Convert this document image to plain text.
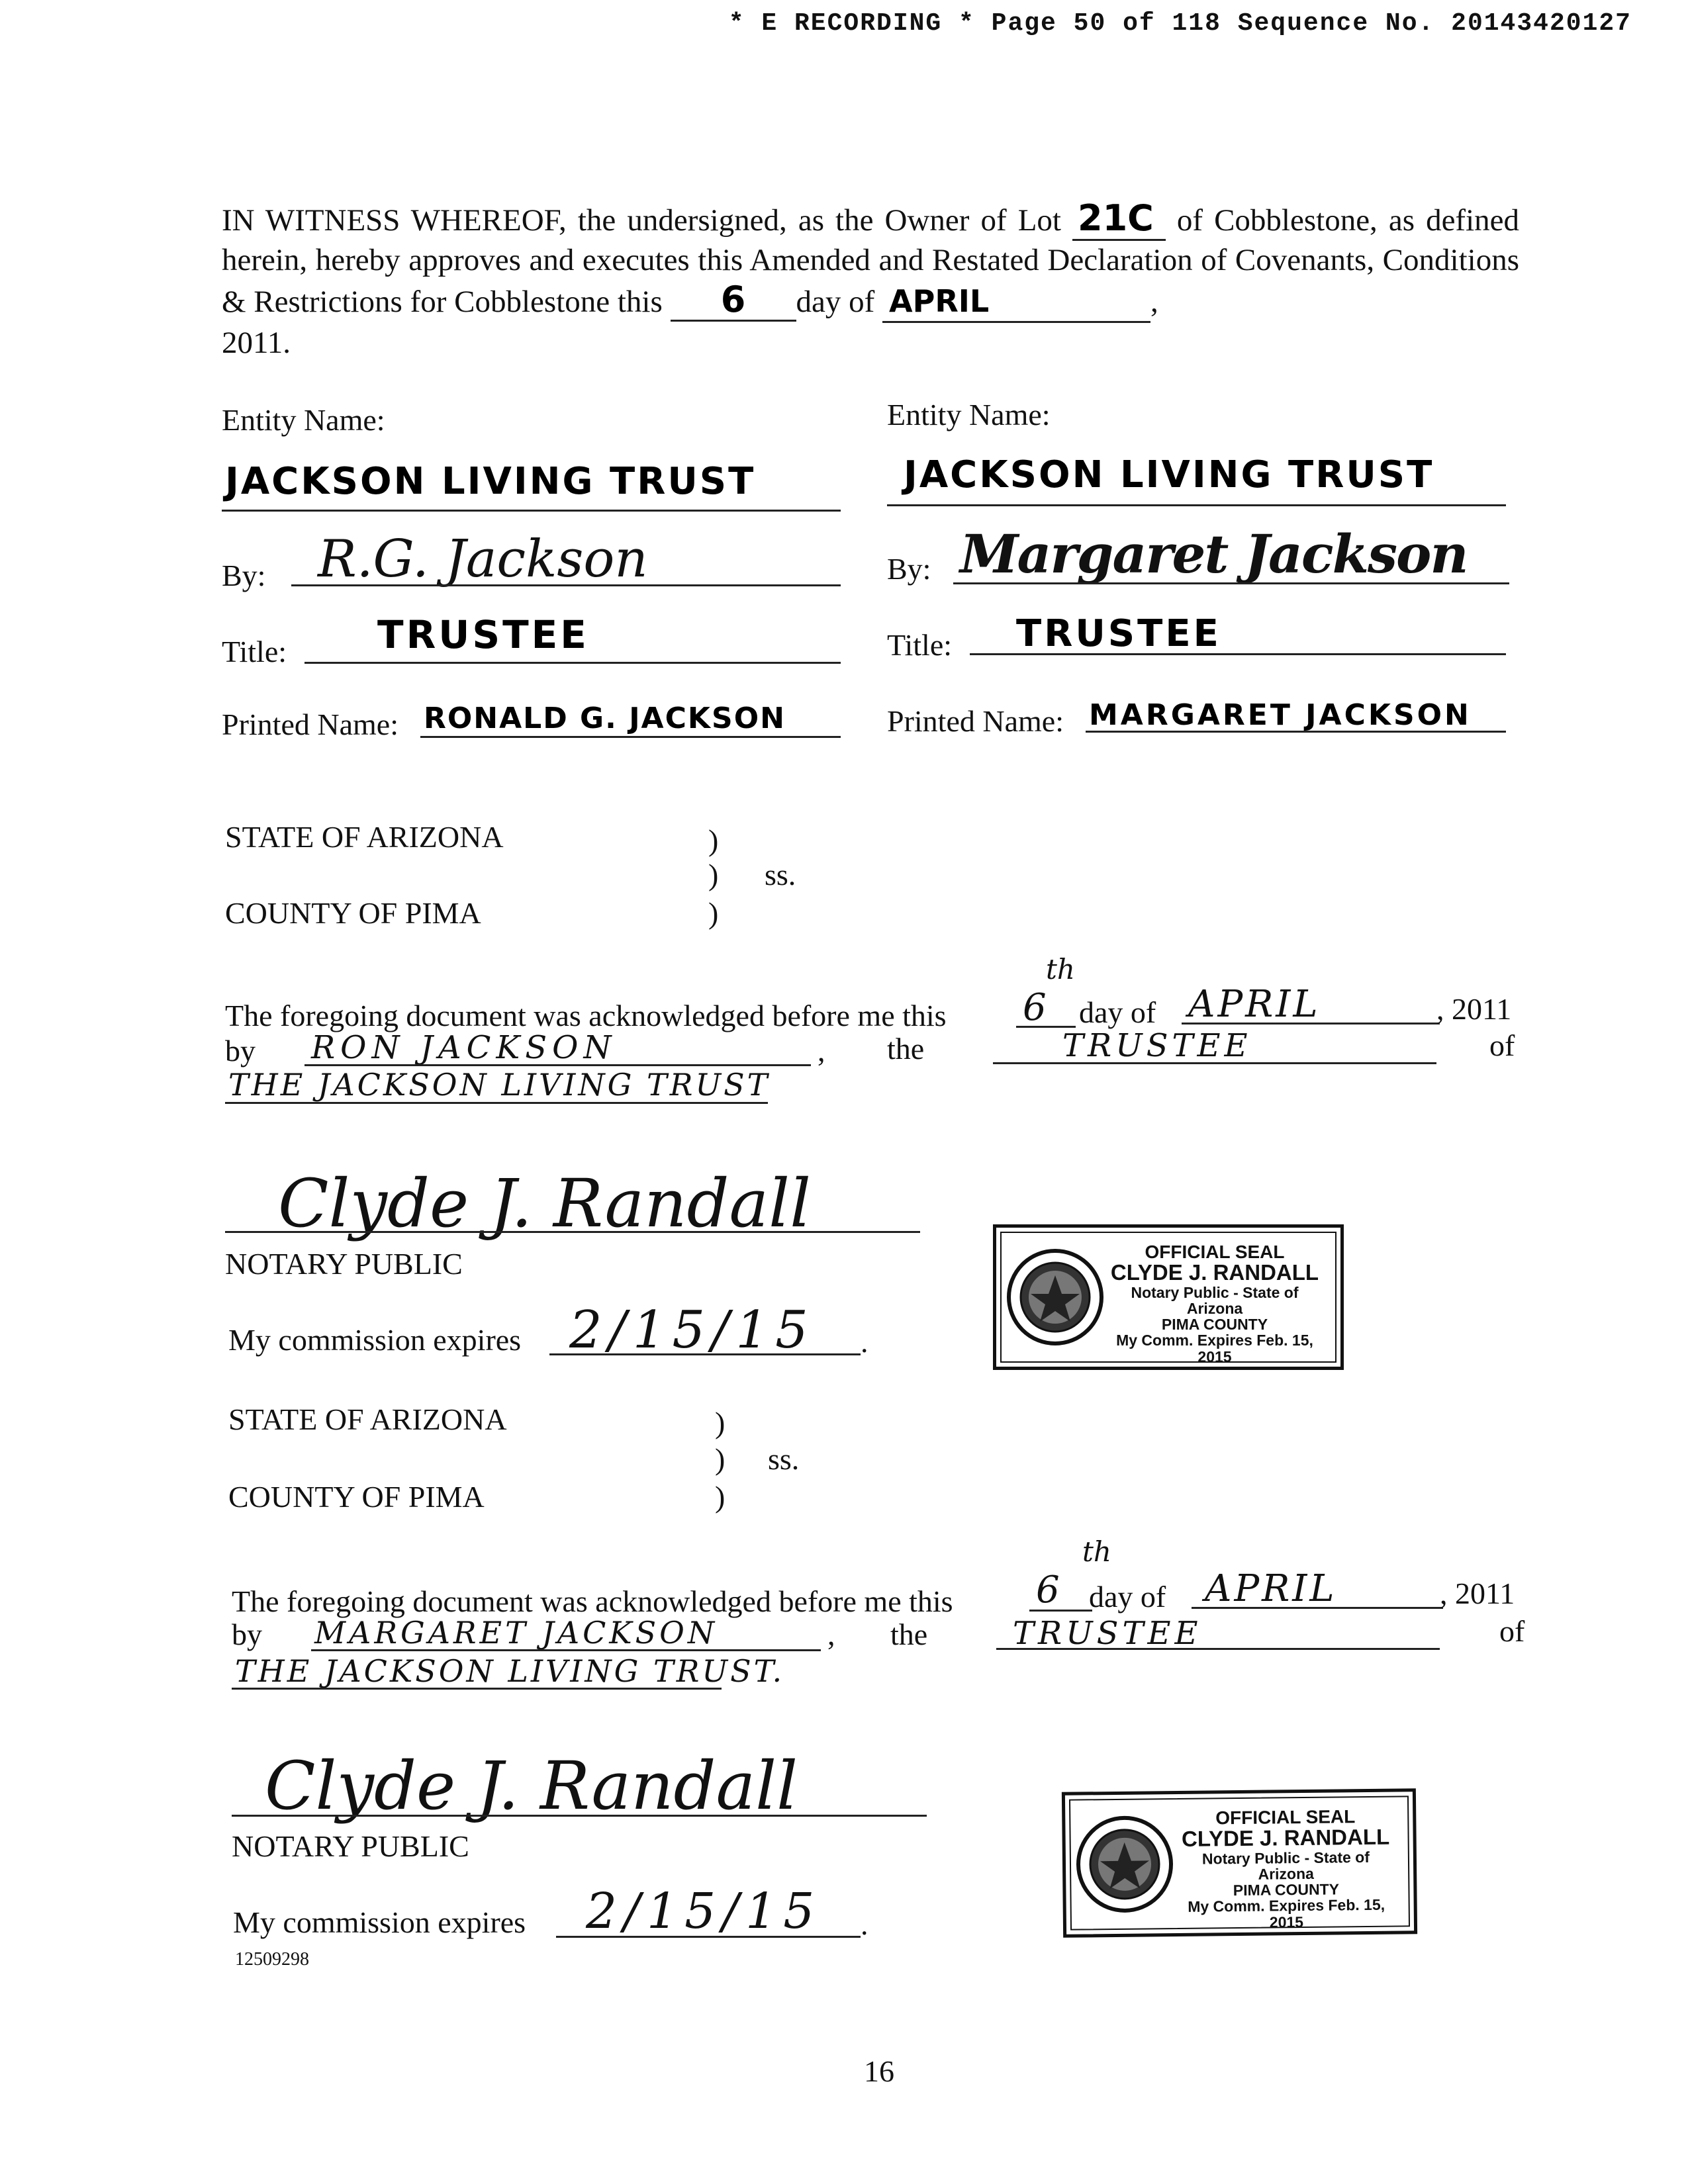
* E RECORDING * Page 50 of 118 Sequence No. 20143420127
IN WITNESS WHEREOF, the undersigned, as the Owner of Lot 21C of Cobblestone, as defined herein, hereby approves and executes this Amended and Restated Declaration of Covenants, Conditions & Restrictions for Cobblestone this 6 day of APRIL	,
2011.
Entity Name:
JACKSON LIVING TRUST
By: R.G. Jackson
Title: TRUSTEE
Printed Name: RONALD G. JACKSON
Entity Name:
JACKSON LIVING TRUST
By: Margaret Jackson
Title: TRUSTEE
Printed Name: MARGARET JACKSON
STATE OF ARIZONA	)
) ss.
)
COUNTY OF PIMA
The foregoing document was acknowledged before me this
th
6 day of APRIL	, 2011
by RON JACKSON	, the	TRUSTEE	of
THE JACKSON LIVING TRUST
Clyde J. Randall
NOTARY PUBLIC
My commission expires 2/15/15 .
OFFICIAL SEAL
CLYDE J. RANDALL
Notary Public - State of Arizona
PIMA COUNTY
My Comm. Expires Feb. 15, 2015
STATE OF ARIZONA	)
) ss.
)
COUNTY OF PIMA
The foregoing document was acknowledged before me this
th
6 day of APRIL	, 2011
by MARGARET JACKSON	, the	TRUSTEE	of
THE JACKSON LIVING TRUST.
Clyde J. Randall
NOTARY PUBLIC
My commission expires 2/15/15 .
OFFICIAL SEAL
CLYDE J. RANDALL
Notary Public - State of Arizona
PIMA COUNTY
My Comm. Expires Feb. 15, 2015
12509298
16
